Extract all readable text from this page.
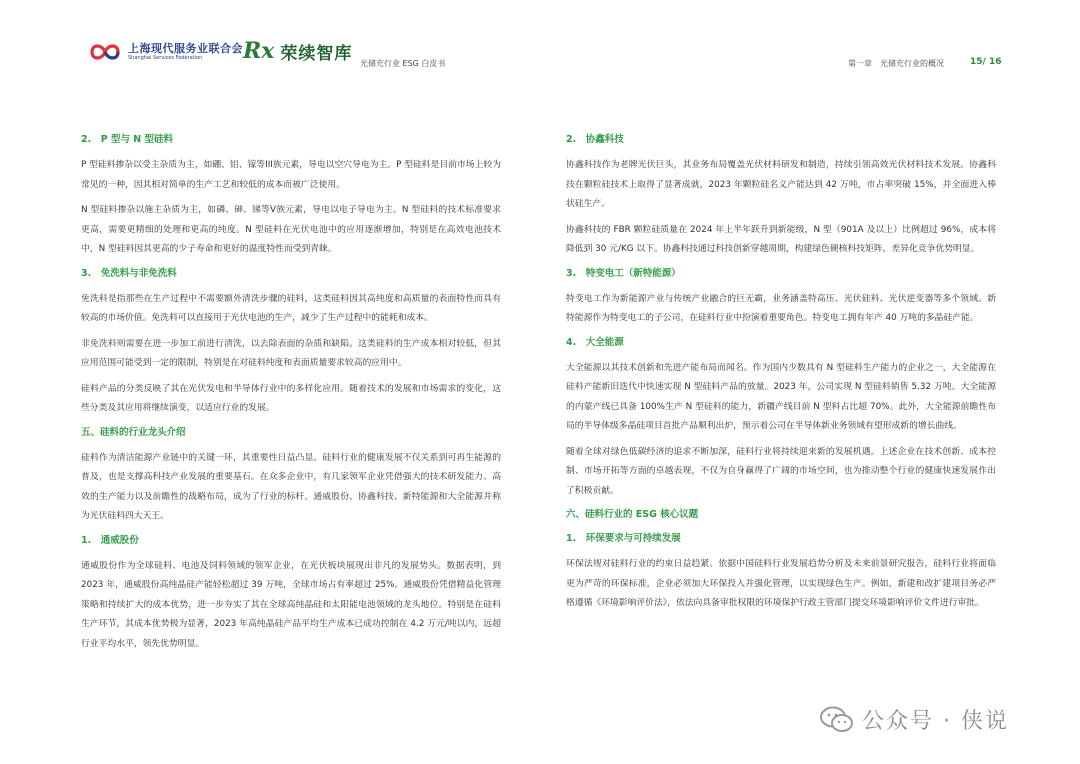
上海现代服务业联合会
Shanghai Services Federation	Rx 荣续智库 光储充行业 ESG 白皮书	第一章　光储充行业的概况	15/ 16
2.　P 型与 N 型硅料
P 型硅料掺杂以受主杂质为主，如硼、铝、镓等III族元素，导电以空穴导电为主。P 型硅料是目前市场上较为常见的一种，因其相对简单的生产工艺和较低的成本而被广泛使用。
N 型硅料掺杂以施主杂质为主，如磷、砷、锑等V族元素，导电以电子导电为主。N 型硅料的技术标准要求更高，需要更精细的处理和更高的纯度。N 型硅料在光伏电池中的应用逐渐增加，特别是在高效电池技术中，N 型硅料因其更高的少子寿命和更好的温度特性而受到青睐。
3.　免洗料与非免洗料
免洗料是指那些在生产过程中不需要额外清洗步骤的硅料，这类硅料因其高纯度和高质量的表面特性而具有较高的市场价值。免洗料可以直接用于光伏电池的生产，减少了生产过程中的能耗和成本。
非免洗料则需要在进一步加工前进行清洗，以去除表面的杂质和缺陷。这类硅料的生产成本相对较低，但其应用范围可能受到一定的限制，特别是在对硅料纯度和表面质量要求较高的应用中。
硅料产品的分类反映了其在光伏发电和半导体行业中的多样化应用。随着技术的发展和市场需求的变化，这些分类及其应用将继续演变，以适应行业的发展。
五、硅料的行业龙头介绍
硅料作为清洁能源产业链中的关键一环，其重要性日益凸显。硅料行业的健康发展不仅关系到可再生能源的普及，也是支撑高科技产业发展的重要基石。在众多企业中，有几家领军企业凭借强大的技术研发能力、高效的生产能力以及前瞻性的战略布局，成为了行业的标杆。通威股份、协鑫科技、新特能源和大全能源并称为光伏硅料四大天王。
1.　通威股份
通威股份作为全球硅料、电池及饲料领域的领军企业，在光伏板块展现出非凡的发展势头。数据表明，到 2023 年，通威股份高纯晶硅产能轻松超过 39 万吨，全球市场占有率超过 25%。通威股份凭借精益化管理策略和持续扩大的成本优势，进一步夯实了其在全球高纯晶硅和太阳能电池领域的龙头地位。特别是在硅料生产环节，其成本优势极为显著，2023 年高纯晶硅产品平均生产成本已成功控制在 4.2 万元/吨以内，远超行业平均水平，领先优势明显。
2.　协鑫科技
协鑫科技作为老牌光伏巨头，其业务布局覆盖光伏材料研发和制造，持续引领高效光伏材料技术发展。协鑫科技在颗粒硅技术上取得了显著成就，2023 年颗粒硅名义产能达到 42 万吨，市占率突破 15%，并全面进入棒状硅生产。
协鑫科技的 FBR 颗粒硅质量在 2024 年上半年跃升到新能级，N 型（901A 及以上）比例超过 96%，成本将降低到 30 元/KG 以下。协鑫科技通过科技创新穿越周期，构建绿色硬核科技矩阵，差异化竞争优势明显。
3.　特变电工（新特能源）
特变电工作为新能源产业与传统产业融合的巨无霸，业务涵盖特高压、光伏硅料、光伏逆变器等多个领域。新特能源作为特变电工的子公司，在硅料行业中扮演着重要角色。特变电工拥有年产 40 万吨的多晶硅产能。
4.　大全能源
大全能源以其技术创新和先进产能布局而闻名。作为国内少数具有 N 型硅料生产能力的企业之一，大全能源在硅料产能新旧迭代中快速实现 N 型硅料产品的放量。2023 年，公司实现 N 型硅料销售 5.32 万吨。大全能源的内蒙产线已具备 100%生产 N 型硅料的能力，新疆产线目前 N 型料占比超 70%。此外，大全能源前瞻性布局的半导体级多晶硅项目首批产品顺利出炉，预示着公司在半导体新业务领域有望形成新的增长曲线。
随着全球对绿色低碳经济的追求不断加深，硅料行业将持续迎来新的发展机遇。上述企业在技术创新、成本控制、市场开拓等方面的卓越表现，不仅为自身赢得了广阔的市场空间，也为推动整个行业的健康快速发展作出了积极贡献。
六、硅料行业的 ESG 核心议题
1.　环保要求与可持续发展
环保法规对硅料行业的约束日益趋紧。依据中国硅料行业发展趋势分析及未来前景研究报告，硅料行业将面临更为严苛的环保标准，企业必须加大环保投入并强化管理，以实现绿色生产。例如，新建和改扩建项目务必严格遵循《环境影响评价法》，依法向具备审批权限的环境保护行政主管部门提交环境影响评价文件进行审批。
公众号 · 侠说
